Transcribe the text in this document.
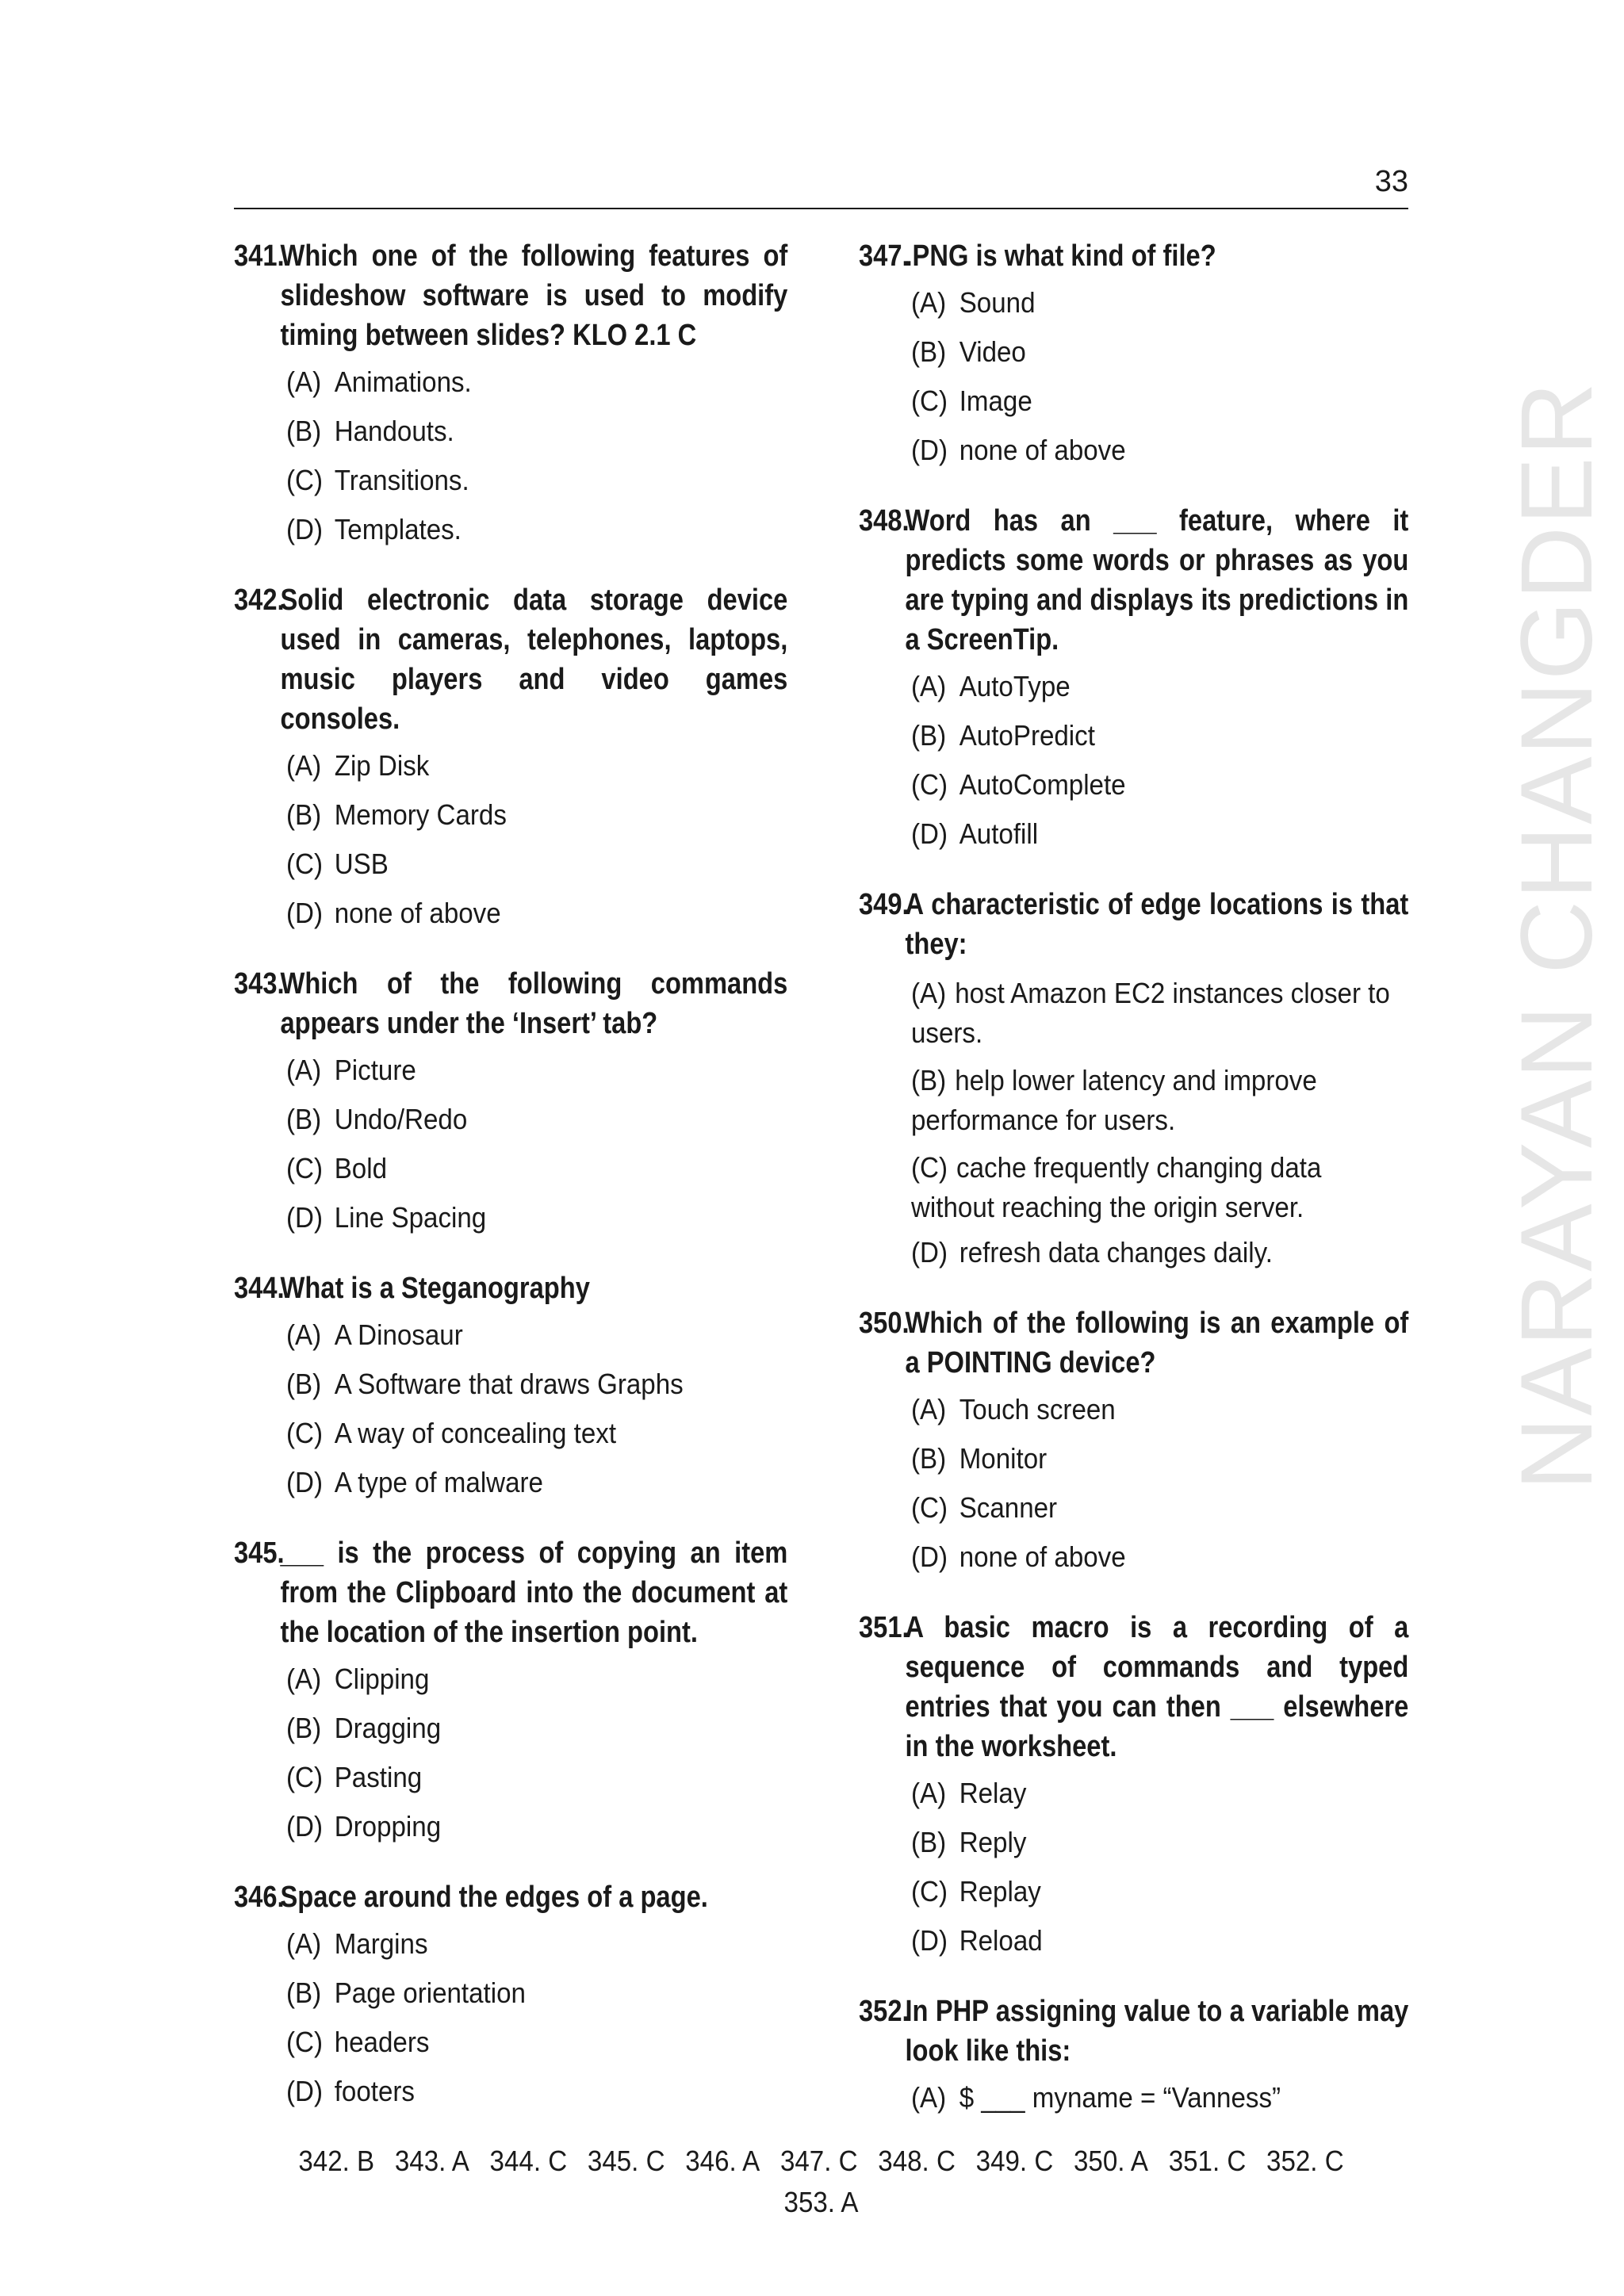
33
341.
Which one of the following features of slideshow software is used to modify timing between slides? KLO 2.1 C
(A) Animations.
(B) Handouts.
(C) Transitions.
(D) Templates.
342.
Solid electronic data storage device used in cameras, telephones, laptops, music players and video games consoles.
(A) Zip Disk
(B) Memory Cards
(C) USB
(D) none of above
343.
Which of the following commands appears under the ‘Insert’ tab?
(A) Picture
(B) Undo/Redo
(C) Bold
(D) Line Spacing
344.
What is a Steganography
(A) A Dinosaur
(B) A Software that draws Graphs
(C) A way of concealing text
(D) A type of malware
345.
___ is the process of copying an item from the Clipboard into the document at the location of the insertion point.
(A) Clipping
(B) Dragging
(C) Pasting
(D) Dropping
346.
Space around the edges of a page.
(A) Margins
(B) Page orientation
(C) headers
(D) footers
347.
.PNG is what kind of file?
(A) Sound
(B) Video
(C) Image
(D) none of above
348.
Word has an ___ feature, where it predicts some words or phrases as you are typing and displays its predictions in a ScreenTip.
(A) AutoType
(B) AutoPredict
(C) AutoComplete
(D) Autofill
349.
A characteristic of edge locations is that they:
(A) host Amazon EC2 instances closer to users.
(B) help lower latency and improve performance for users.
(C) cache frequently changing data without reaching the origin server.
(D) refresh data changes daily.
350.
Which of the following is an example of a POINTING device?
(A) Touch screen
(B) Monitor
(C) Scanner
(D) none of above
351.
A basic macro is a recording of a sequence of commands and typed entries that you can then ___ elsewhere in the worksheet.
(A) Relay
(B) Reply
(C) Replay
(D) Reload
352.
In PHP assigning value to a variable may look like this:
(A) $ ___ myname = “Vanness”
NARAYAN CHANGDER
342. B 343. A 344. C 345. C 346. A 347. C 348. C 349. C 350. A 351. C 352. C
353. A
